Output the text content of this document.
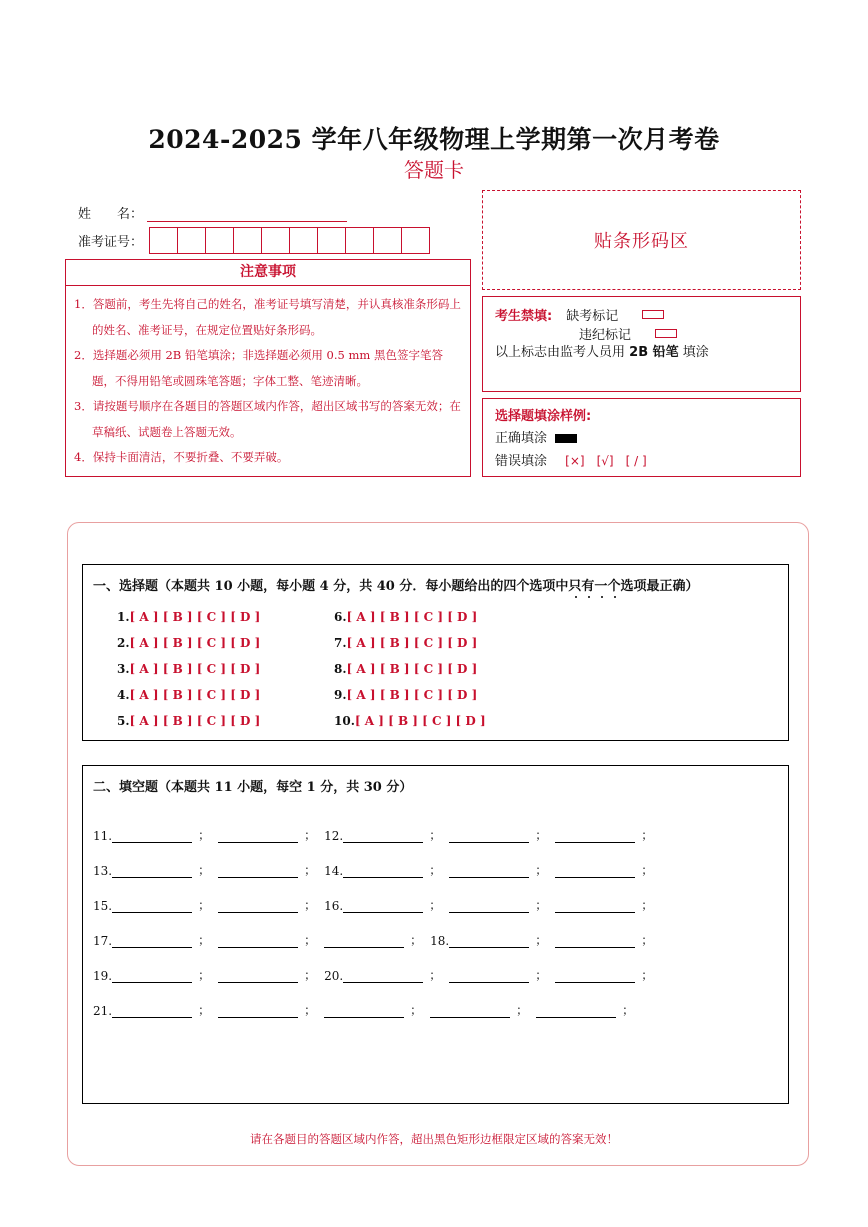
2024-2025 学年八年级物理上学期第一次月考卷
答题卡
姓　　名：
准考证号：
注意事项
1．答题前，考生先将自己的姓名，准考证号填写清楚，并认真核准条形码上的姓名、准考证号，在规定位置贴好条形码。
2．选择题必须用 2B 铅笔填涂；非选择题必须用 0.5 mm 黑色签字笔答题，不得用铅笔或圆珠笔答题；字体工整、笔迹清晰。
3．请按题号顺序在各题目的答题区域内作答，超出区域书写的答案无效；在草稿纸、试题卷上答题无效。
4．保持卡面清洁，不要折叠、不要弄破。
贴条形码区
考生禁填: 缺考标记
违纪标记
以上标志由监考人员用 2B 铅笔 填涂
选择题填涂样例:
正确填涂
错误填涂 [×]　[√]　[ / ]
一、选择题（本题共 10 小题，每小题 4 分，共 40 分．每小题给出的四个选项中只
有
一
个
选项最正确）
1.[ A ] [ B ] [ C ] [ D ]
2.[ A ] [ B ] [ C ] [ D ]
3.[ A ] [ B ] [ C ] [ D ]
4.[ A ] [ B ] [ C ] [ D ]
5.[ A ] [ B ] [ C ] [ D ]
6.[ A ] [ B ] [ C ] [ D ]
7.[ A ] [ B ] [ C ] [ D ]
8.[ A ] [ B ] [ C ] [ D ]
9.[ A ] [ B ] [ C ] [ D ]
10.[ A ] [ B ] [ C ] [ D ]
二、填空题（本题共 11 小题，每空 1 分，共 30 分）
11.	；	； 12.	；	；	；
13.	；	； 14.	；	；	；
15.	；	； 16.	；	；	；
17.	；	；	； 18.	；	；
19.	；	； 20.	；	；	；
21.	；	；	；	；	；
请在各题目的答题区域内作答，超出黑色矩形边框限定区域的答案无效！
